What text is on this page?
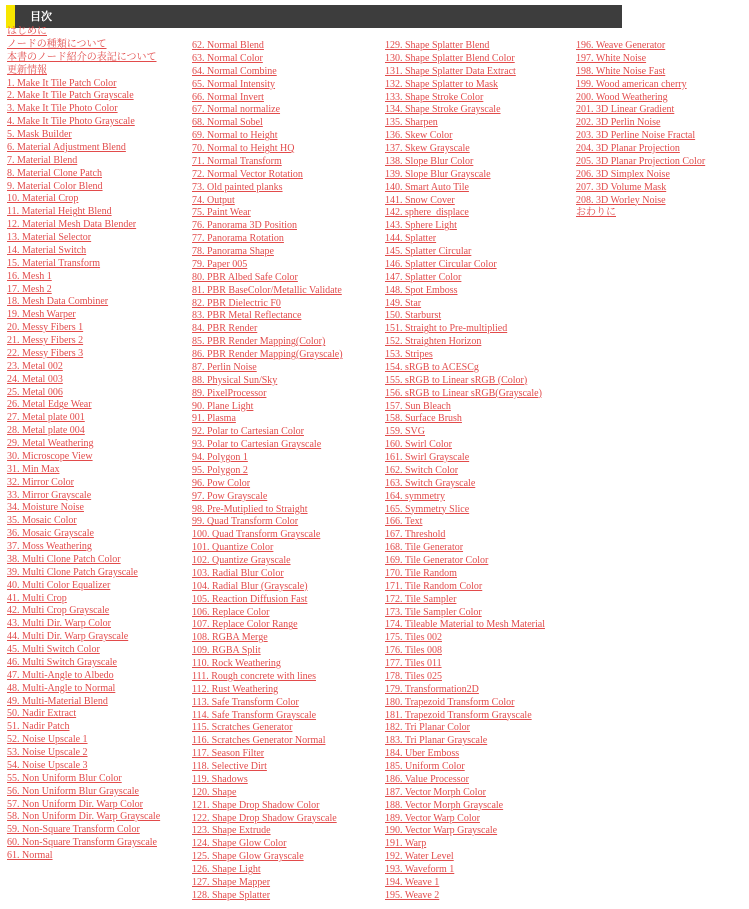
目次
はじめに
ノードの種類について
本書のノード紹介の表記について
更新情報
1. Make It Tile Patch Color
2. Make It Tile Patch Grayscale
3. Make It Tile Photo Color
4. Make It Tile Photo Grayscale
5. Mask Builder
6. Material Adjustment Blend
7. Material Blend
8. Material Clone Patch
9. Material Color Blend
10. Material Crop
11. Material Height Blend
12. Material Mesh Data Blender
13. Material Selector
14. Material Switch
15. Material Transform
16. Mesh 1
17. Mesh 2
18. Mesh Data Combiner
19. Mesh Warper
20. Messy Fibers 1
21. Messy Fibers 2
22. Messy Fibers 3
23. Metal 002
24. Metal 003
25. Metal 006
26. Metal Edge Wear
27. Metal plate 001
28. Metal plate 004
29. Metal Weathering
30. Microscope View
31. Min Max
32. Mirror Color
33. Mirror Grayscale
34. Moisture Noise
35. Mosaic Color
36. Mosaic Grayscale
37. Moss Weathering
38. Multi Clone Patch Color
39. Multi Clone Patch Grayscale
40. Multi Color Equalizer
41. Multi Crop
42. Multi Crop Grayscale
43. Multi Dir. Warp Color
44. Multi Dir. Warp Grayscale
45. Multi Switch Color
46. Multi Switch Grayscale
47. Multi-Angle to Albedo
48. Multi-Angle to Normal
49. Multi-Material Blend
50. Nadir Extract
51. Nadir Patch
52. Noise Upscale 1
53. Noise Upscale 2
54. Noise Upscale 3
55. Non Uniform Blur Color
56. Non Uniform Blur Grayscale
57. Non Uniform Dir. Warp Color
58. Non Uniform Dir. Warp Grayscale
59. Non-Square Transform Color
60. Non-Square Transform Grayscale
61. Normal
62. Normal Blend
63. Normal Color
64. Normal Combine
65. Normal Intensity
66. Normal Invert
67. Normal normalize
68. Normal Sobel
69. Normal to Height
70. Normal to Height HQ
71. Normal Transform
72. Normal Vector Rotation
73. Old painted planks
74. Output
75. Paint Wear
76. Panorama 3D Position
77. Panorama Rotation
78. Panorama Shape
79. Paper 005
80. PBR Albed Safe Color
81. PBR BaseColor/Metallic Validate
82. PBR Dielectric F0
83. PBR Metal Reflectance
84. PBR Render
85. PBR Render Mapping(Color)
86. PBR Render Mapping(Grayscale)
87. Perlin Noise
88. Physical Sun/Sky
89. PixelProcessor
90. Plane Light
91. Plasma
92. Polar to Cartesian Color
93. Polar to Cartesian Grayscale
94. Polygon 1
95. Polygon 2
96. Pow Color
97. Pow Grayscale
98. Pre-Mutiplied to Straight
99. Quad Transform Color
100. Quad Transform Grayscale
101. Quantize Color
102. Quantize Grayscale
103. Radial Blur Color
104. Radial Blur (Grayscale)
105. Reaction Diffusion Fast
106. Replace Color
107. Replace Color Range
108. RGBA Merge
109. RGBA Split
110. Rock Weathering
111. Rough concrete with lines
112. Rust Weathering
113. Safe Transform Color
114. Safe Transform Grayscale
115. Scratches Generator
116. Scratches Generator Normal
117. Season Filter
118. Selective Dirt
119. Shadows
120. Shape
121. Shape Drop Shadow Color
122. Shape Drop Shadow Grayscale
123. Shape Extrude
124. Shape Glow Color
125. Shape Glow Grayscale
126. Shape Light
127. Shape Mapper
128. Shape Splatter
129. Shape Splatter Blend
130. Shape Splatter Blend Color
131. Shape Splatter Data Extract
132. Shape Splatter to Mask
133. Shape Stroke Color
134. Shape Stroke Grayscale
135. Sharpen
136. Skew Color
137. Skew Grayscale
138. Slope Blur Color
139. Slope Blur Grayscale
140. Smart Auto Tile
141. Snow Cover
142. sphere_displace
143. Sphere Light
144. Splatter
145. Splatter Circular
146. Splatter Circular Color
147. Splatter Color
148. Spot Emboss
149. Star
150. Starburst
151. Straight to Pre-multiplied
152. Straighten Horizon
153. Stripes
154. sRGB to ACESCg
155. sRGB to Linear sRGB (Color)
156. sRGB to Linear sRGB(Grayscale)
157. Sun Bleach
158. Surface Brush
159. SVG
160. Swirl Color
161. Swirl Grayscale
162. Switch Color
163. Switch Grayscale
164. symmetry
165. Symmetry Slice
166. Text
167. Threshold
168. Tile Generator
169. Tile Generator Color
170. Tile Random
171. Tile Random Color
172. Tile Sampler
173. Tile Sampler Color
174. Tileable Material to Mesh Material
175. Tiles 002
176. Tiles 008
177. Tiles 011
178. Tiles 025
179. Transformation2D
180. Trapezoid Transform Color
181. Trapezoid Transform Grayscale
182. Tri Planar Color
183. Tri Planar Grayscale
184. Uber Emboss
185. Uniform Color
186. Value Processor
187. Vector Morph Color
188. Vector Morph Grayscale
189. Vector Warp Color
190. Vector Warp Grayscale
191. Warp
192. Water Level
193. Waveform 1
194. Weave 1
195. Weave 2
196. Weave Generator
197. White Noise
198. White Noise Fast
199. Wood american cherry
200. Wood Weathering
201. 3D Linear Gradient
202. 3D Perlin Noise
203. 3D Perline Noise Fractal
204. 3D Planar Projection
205. 3D Planar Projection Color
206. 3D Simplex Noise
207. 3D Volume Mask
208. 3D Worley Noise
おわりに
